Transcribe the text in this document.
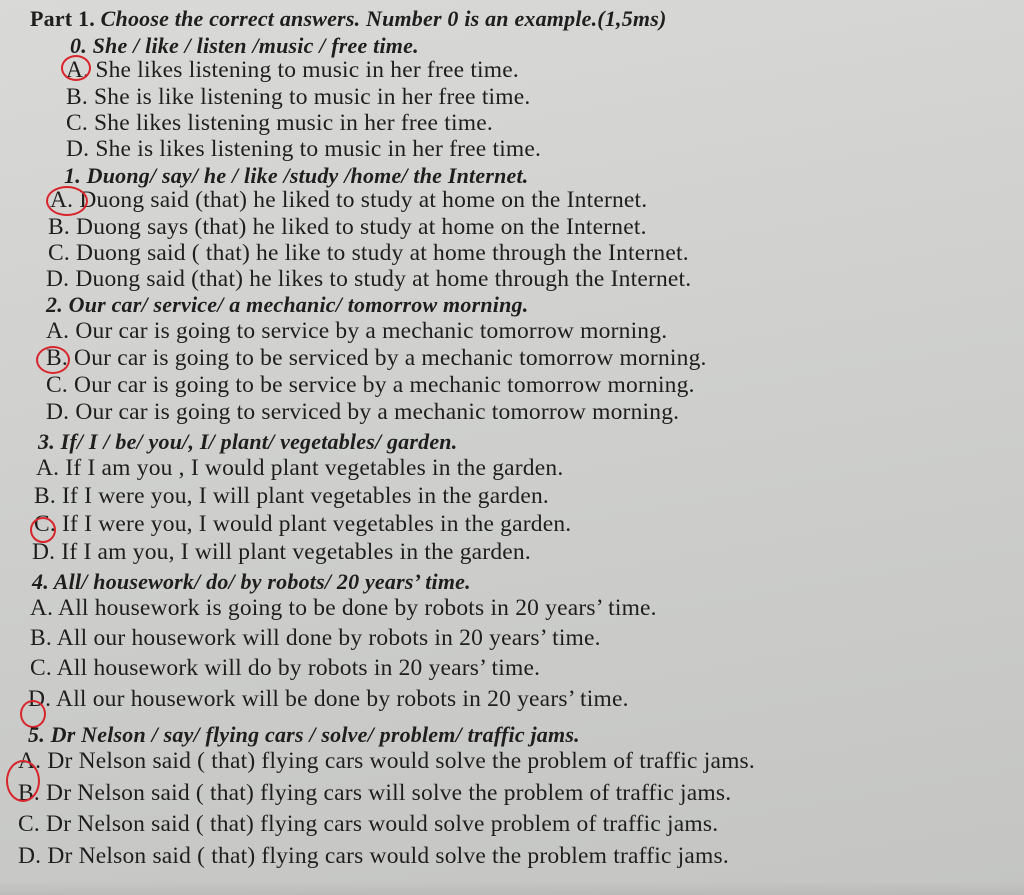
Part 1. Choose the correct answers. Number 0 is an example.(1,5ms)
0. She / like / listen /music / free time.
A. She likes listening to music in her free time.
B. She is like listening to music in her free time.
C. She likes listening music in her free time.
D. She is likes listening to music in her free time.
1. Duong/ say/ he / like /study /home/ the Internet.
A. Duong said (that) he liked to study at home on the Internet.
B. Duong says (that) he liked to study at home on the Internet.
C. Duong said ( that) he like to study at home through the Internet.
D. Duong said (that) he likes to study at home through the Internet.
2. Our car/ service/ a mechanic/ tomorrow morning.
A. Our car is going to service by a mechanic tomorrow morning.
B. Our car is going to be serviced by a mechanic tomorrow morning.
C. Our car is going to be service by a mechanic tomorrow morning.
D. Our car is going to serviced by a mechanic tomorrow morning.
3. If/ I / be/ you/, I/ plant/ vegetables/ garden.
A. If I am you , I would plant vegetables in the garden.
B. If I were you, I will plant vegetables in the garden.
C. If I were you, I would plant vegetables in the garden.
D. If I am you, I will plant vegetables in the garden.
4. All/ housework/ do/ by robots/ 20 years’ time.
A. All housework is going to be done by robots in 20 years’ time.
B. All our housework will done by robots in 20 years’ time.
C. All housework will do by robots in 20 years’ time.
D. All our housework will be done by robots in 20 years’ time.
5. Dr Nelson / say/ flying cars / solve/ problem/ traffic jams.
A. Dr Nelson said ( that) flying cars would solve the problem of traffic jams.
B. Dr Nelson said ( that) flying cars will solve the problem of traffic jams.
C. Dr Nelson said ( that) flying cars would solve problem of traffic jams.
D. Dr Nelson said ( that) flying cars would solve the problem traffic jams.
